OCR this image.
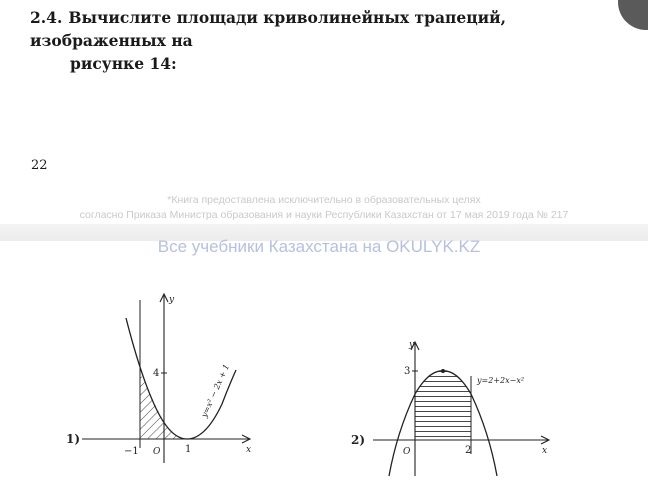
2.4. Вычислите площади криволинейных трапеций, изображенных на
рисунке 14:

22
*Книга предоставлена исключительно в образовательных целях
согласно Приказа Министра образования и науки Республики Казахстан от 17 мая 2019 года № 217
Все учебники Казахстана на OKULYK.KZ
1)
−1 O 1
4
y
x
y=x² − 2x + 1
2)
O	2
3
y
x
y=2+2x−x²
